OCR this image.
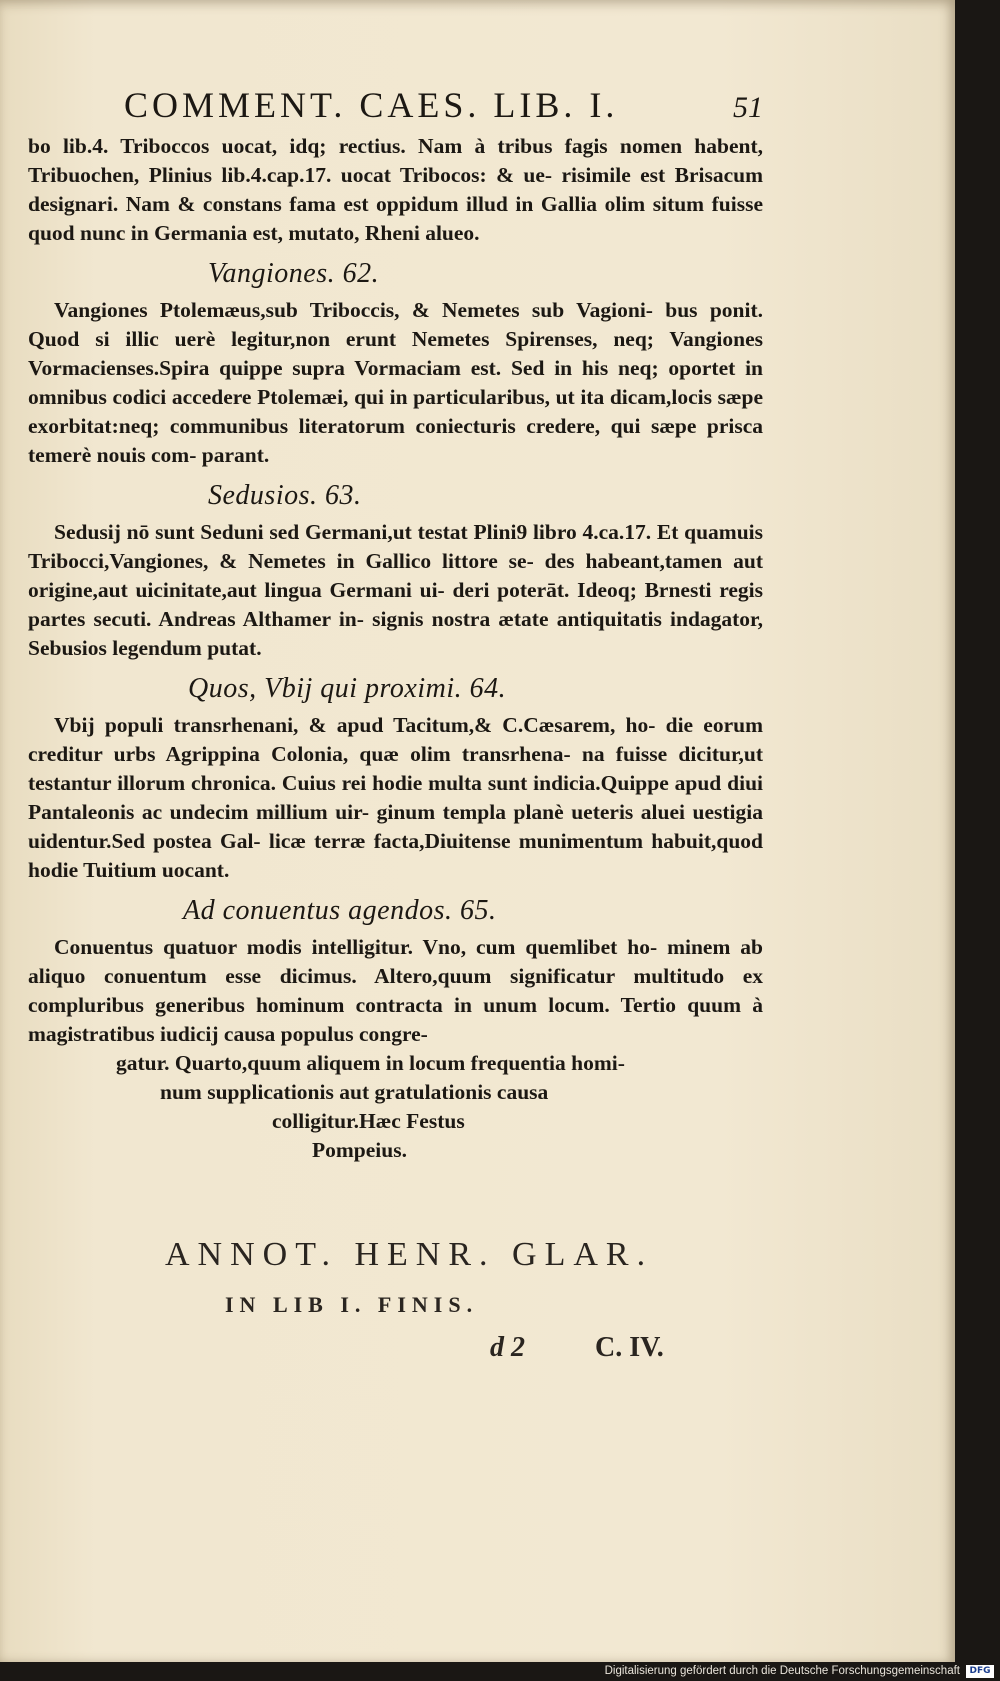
COMMENT. CAES. LIB. I.	51

bo lib.4. Triboccos uocat, idq; rectius. Nam à tribus fagis nomen habent, Tribuochen, Plinius lib.4.cap.17. uocat Tribocos: & ue- risimile est Brisacum designari. Nam & constans fama est oppidum illud in Gallia olim situm fuisse quod nunc in Germania est, mutato, Rheni alueo.

Vangiones. 62.

Vangiones Ptolemæus,sub Triboccis, & Nemetes sub Vagioni- bus ponit. Quod si illic uerè legitur,non erunt Nemetes Spirenses, neq; Vangiones Vormacienses.Spira quippe supra Vormaciam est. Sed in his neq; oportet in omnibus codici accedere Ptolemæi, qui in particularibus, ut ita dicam,locis sæpe exorbitat:neq; communibus literatorum coniecturis credere, qui sæpe prisca temerè nouis com- parant.

Sedusios. 63.

Sedusij nō sunt Seduni sed Germani,ut testat Plini9 libro 4.ca.17. Et quamuis Tribocci,Vangiones, & Nemetes in Gallico littore se- des habeant,tamen aut origine,aut uicinitate,aut lingua Germani ui- deri poterāt. Ideoq; Brnesti regis partes secuti. Andreas Althamer in- signis nostra ætate antiquitatis indagator, Sebusios legendum putat.

Quos, Vbij qui proximi. 64.

Vbij populi transrhenani, & apud Tacitum,& C.Cæsarem, ho- die eorum creditur urbs Agrippina Colonia, quæ olim transrhena- na fuisse dicitur,ut testantur illorum chronica. Cuius rei hodie multa sunt indicia.Quippe apud diui Pantaleonis ac undecim millium uir- ginum templa planè ueteris aluei uestigia uidentur.Sed postea Gal- licæ terræ facta,Diuitense munimentum habuit,quod hodie Tuitium uocant.

Ad conuentus agendos. 65.

Conuentus quatuor modis intelligitur. Vno, cum quemlibet ho- minem ab aliquo conuentum esse dicimus. Altero,quum significatur multitudo ex compluribus generibus hominum contracta in unum locum. Tertio quum à magistratibus iudicij causa populus congre-

gatur. Quarto,quum aliquem in locum frequentia homi-
num supplicationis aut gratulationis causa
colligitur.Hæc Festus
Pompeius.
ANNOT. HENR. GLAR.
IN LIB I. FINIS.
d 2	C. IV.
Digitalisierung gefördert durch die Deutsche Forschungsgemeinschaft	DFG
